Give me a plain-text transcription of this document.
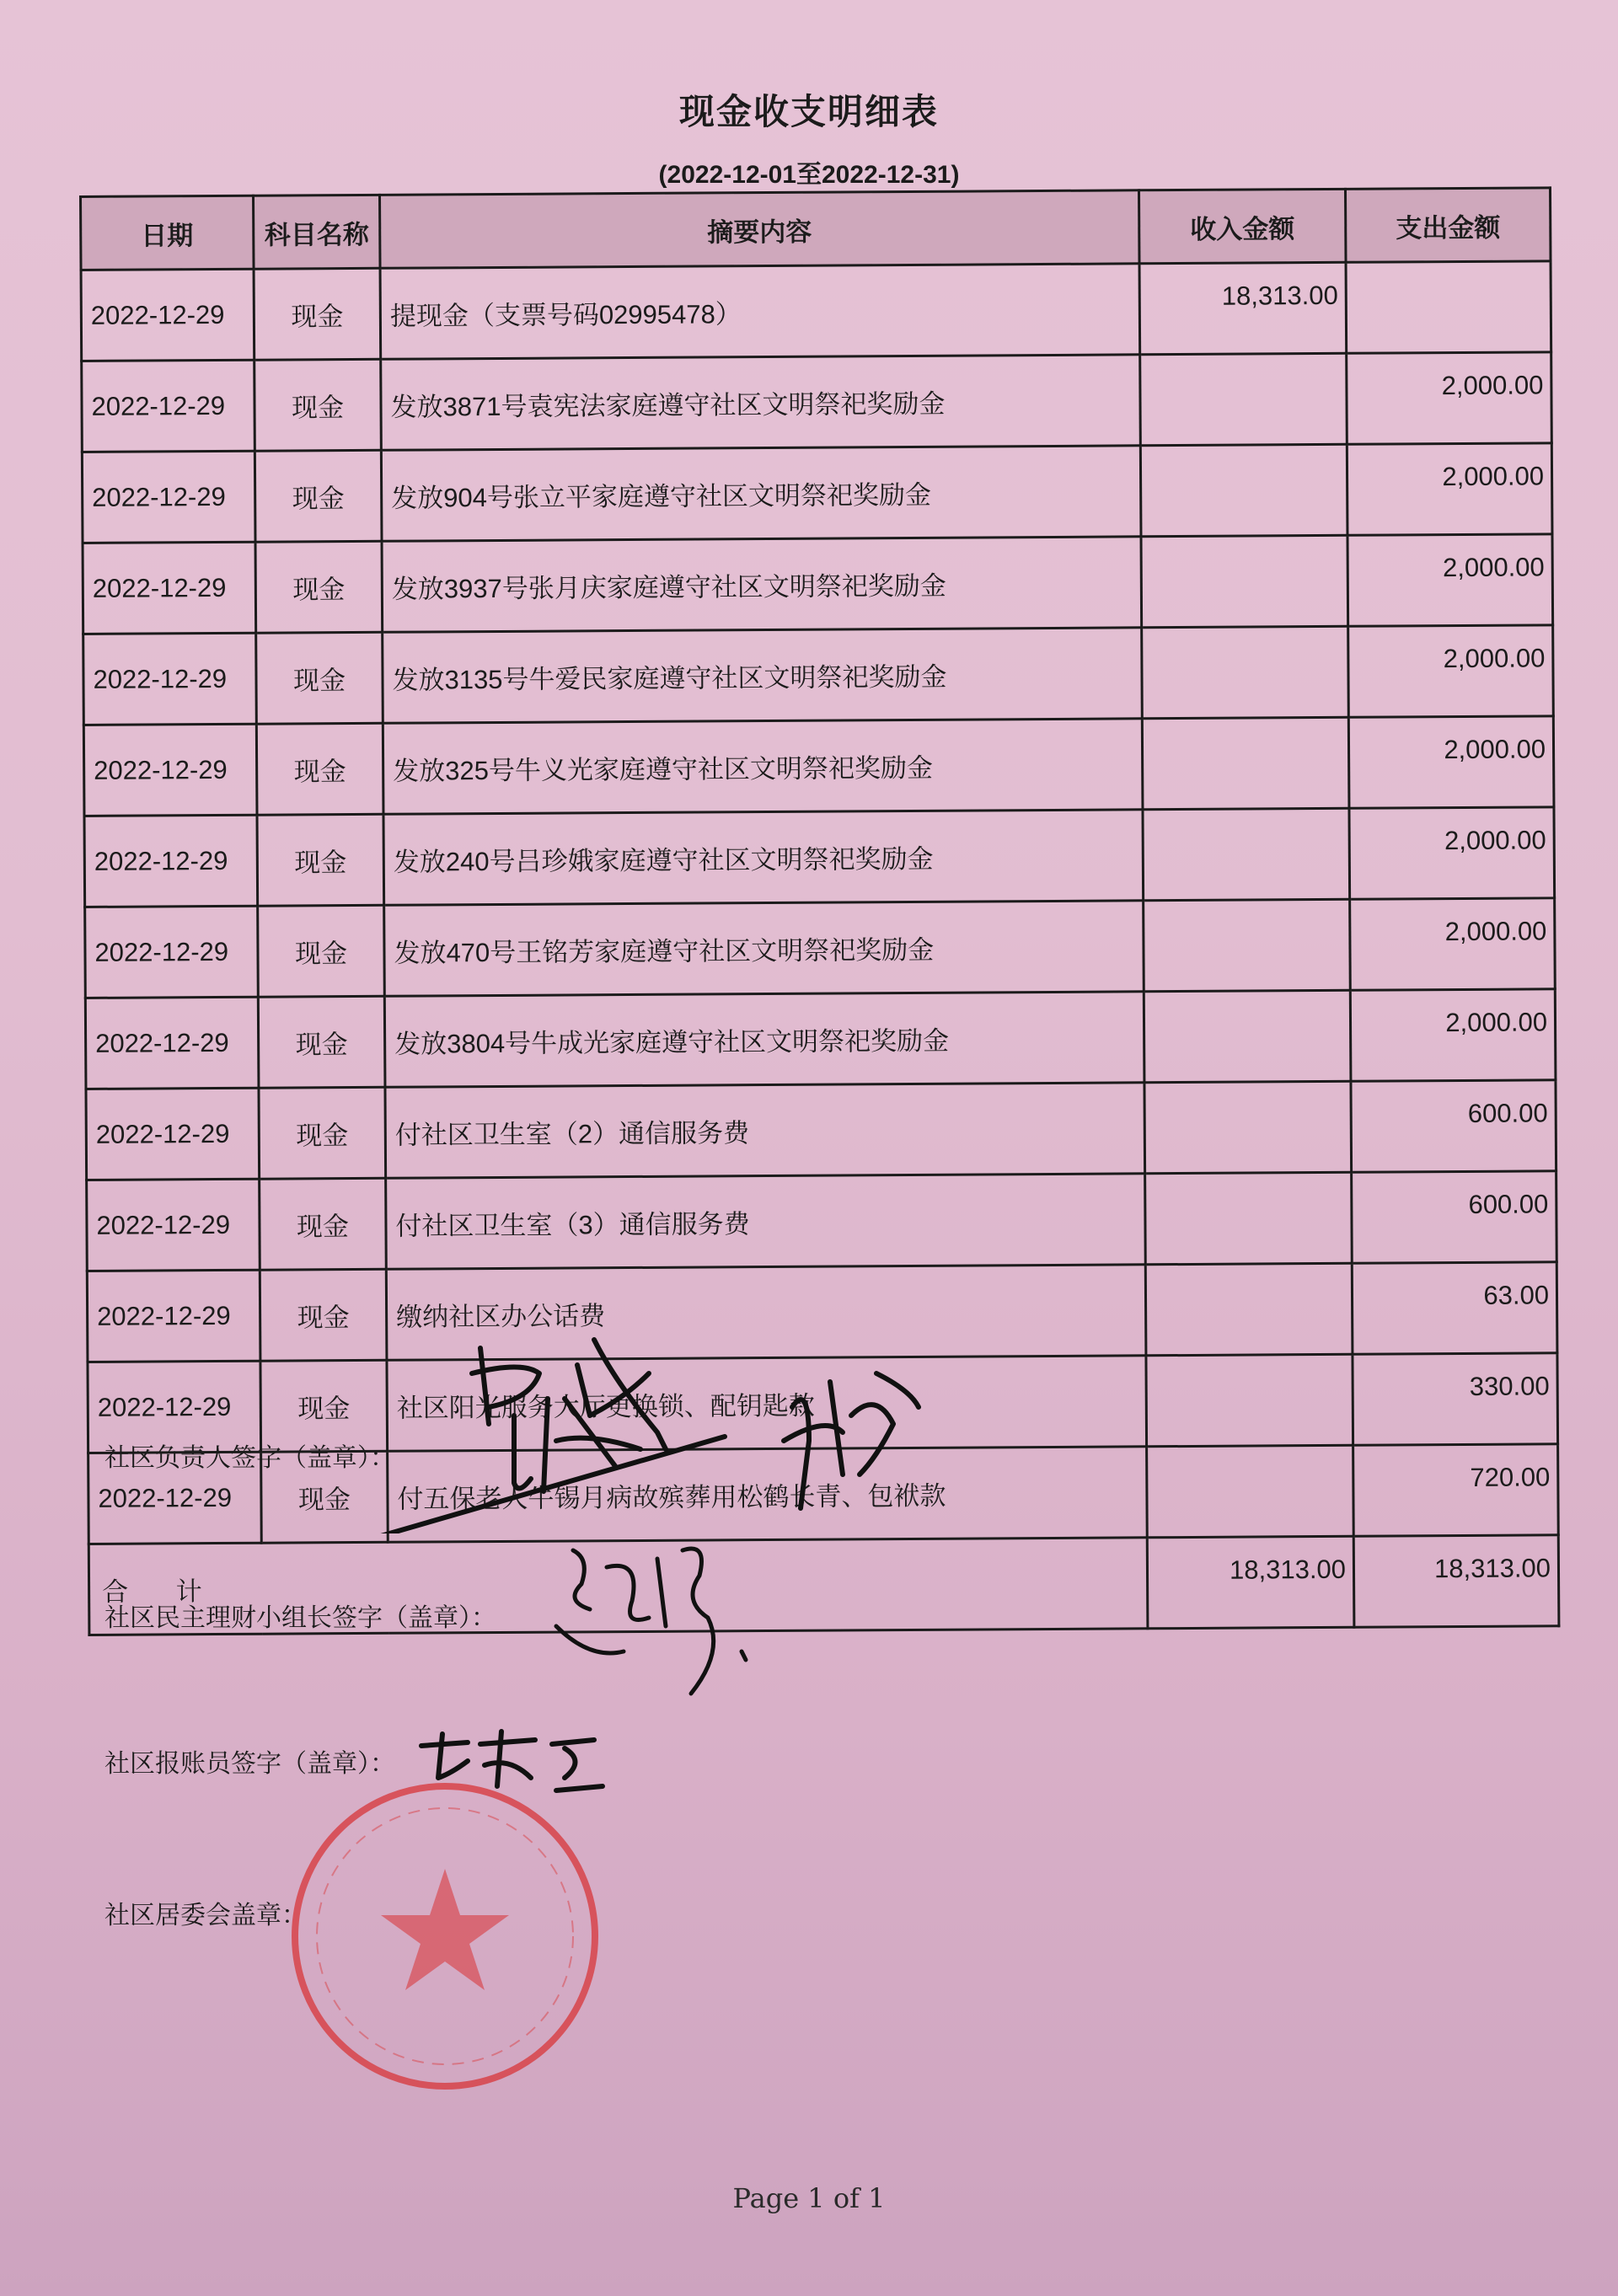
现金收支明细表
(2022-12-01至2022-12-31)
日期	科目名称	摘要内容	收入金额	支出金额
2022-12-29	现金	提现金（支票号码02995478）	18,313.00	
2022-12-29	现金	发放3871号袁宪法家庭遵守社区文明祭祀奖励金		2,000.00
2022-12-29	现金	发放904号张立平家庭遵守社区文明祭祀奖励金		2,000.00
2022-12-29	现金	发放3937号张月庆家庭遵守社区文明祭祀奖励金		2,000.00
2022-12-29	现金	发放3135号牛爱民家庭遵守社区文明祭祀奖励金		2,000.00
2022-12-29	现金	发放325号牛义光家庭遵守社区文明祭祀奖励金		2,000.00
2022-12-29	现金	发放240号吕珍娥家庭遵守社区文明祭祀奖励金		2,000.00
2022-12-29	现金	发放470号王铭芳家庭遵守社区文明祭祀奖励金		2,000.00
2022-12-29	现金	发放3804号牛成光家庭遵守社区文明祭祀奖励金		2,000.00
2022-12-29	现金	付社区卫生室（2）通信服务费		600.00
2022-12-29	现金	付社区卫生室（3）通信服务费		600.00
2022-12-29	现金	缴纳社区办公话费		63.00
2022-12-29	现金	社区阳光服务大厅更换锁、配钥匙款		330.00
2022-12-29	现金	付五保老人牛锡月病故殡葬用松鹤长青、包袱款		720.00
合 计			18,313.00	18,313.00
社区负责人签字（盖章）：
社区民主理财小组长签字（盖章）：
社区报账员签字（盖章）：
社区居委会盖章：
Page 1 of 1
